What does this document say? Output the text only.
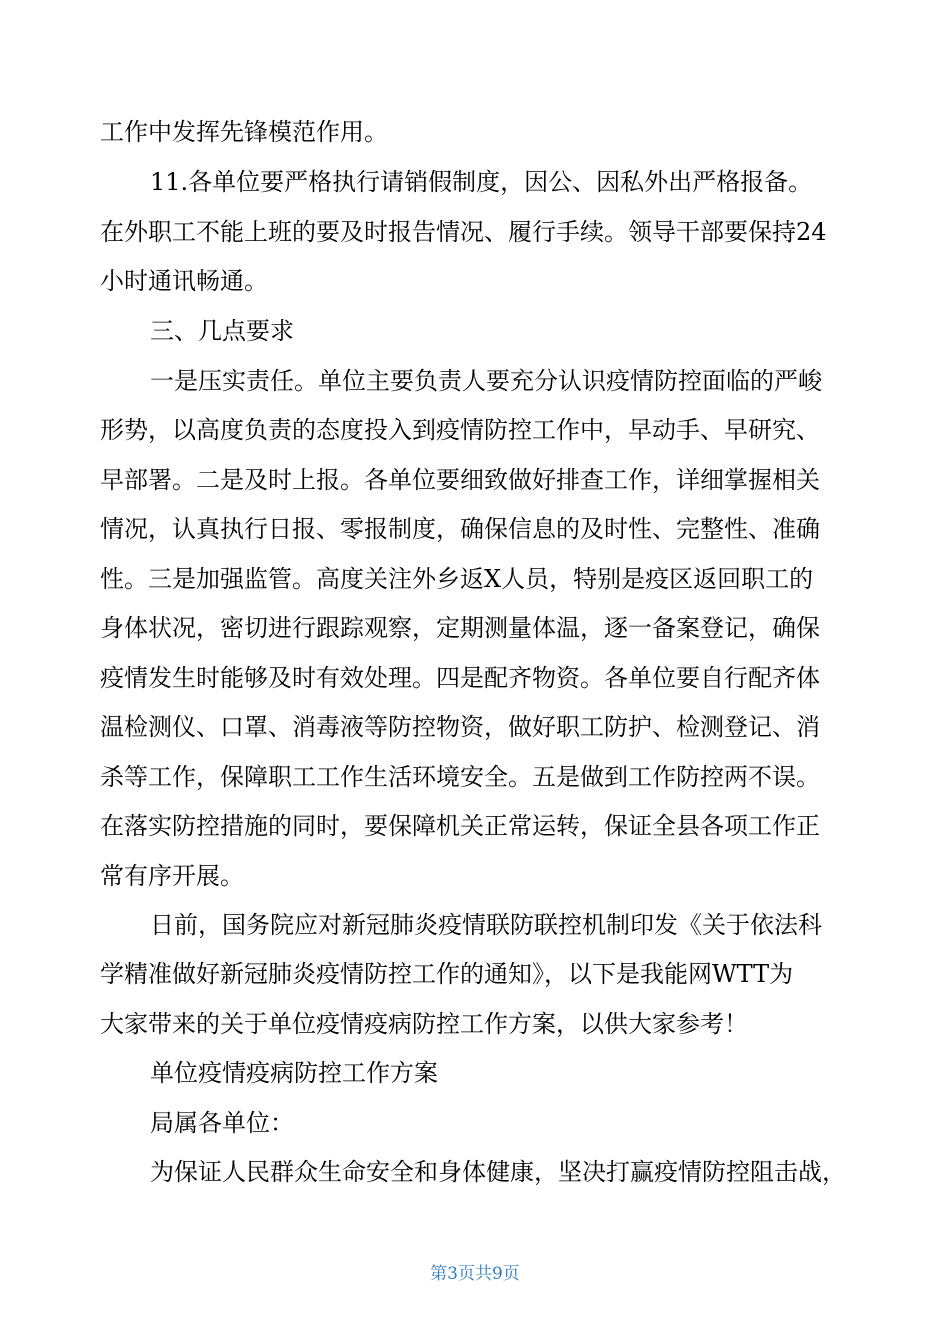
工作中发挥先锋模范作用。
11.各单位要严格执行请销假制度，因公、因私外出严格报备。
在外职工不能上班的要及时报告情况、履行手续。领导干部要保持24
小时通讯畅通。
三、几点要求
一是压实责任。单位主要负责人要充分认识疫情防控面临的严峻
形势，以高度负责的态度投入到疫情防控工作中，早动手、早研究、
早部署。二是及时上报。各单位要细致做好排查工作，详细掌握相关
情况，认真执行日报、零报制度，确保信息的及时性、完整性、准确
性。三是加强监管。高度关注外乡返X人员，特别是疫区返回职工的
身体状况，密切进行跟踪观察，定期测量体温，逐一备案登记，确保
疫情发生时能够及时有效处理。四是配齐物资。各单位要自行配齐体
温检测仪、口罩、消毒液等防控物资，做好职工防护、检测登记、消
杀等工作，保障职工工作生活环境安全。五是做到工作防控两不误。
在落实防控措施的同时，要保障机关正常运转，保证全县各项工作正
常有序开展。
日前，国务院应对新冠肺炎疫情联防联控机制印发《关于依法科
学精准做好新冠肺炎疫情防控工作的通知》，以下是我能网WTT为
大家带来的关于单位疫情疫病防控工作方案，以供大家参考！
单位疫情疫病防控工作方案
局属各单位：
为保证人民群众生命安全和身体健康，坚决打赢疫情防控阻击战，
第3页共9页
